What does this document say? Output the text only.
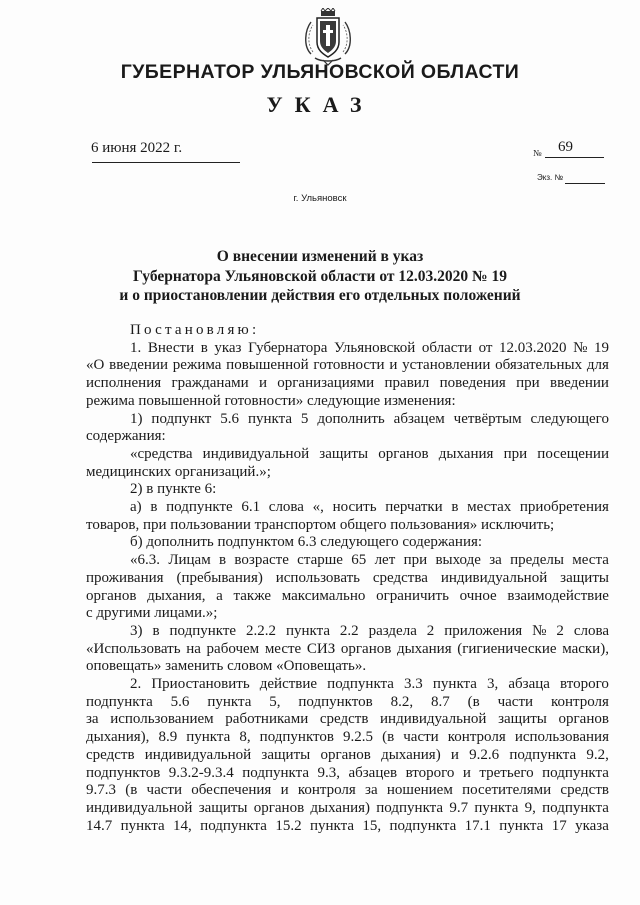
ГУБЕРНАТОР УЛЬЯНОВСКОЙ ОБЛАСТИ
УКАЗ
6 июня 2022 г.	№ 69
Экз. №
г. Ульяновск
О внесении изменений в указ
Губернатора Ульяновской области от 12.03.2020 № 19
и о приостановлении действия его отдельных положений
Постановляю:
1. Внести в указ Губернатора Ульяновской области от 12.03.2020 № 19
«О введении режима повышенной готовности и установлении обязательных для
исполнения гражданами и организациями правил поведения при введении
режима повышенной готовности» следующие изменения:
1) подпункт 5.6 пункта 5 дополнить абзацем четвёртым следующего
содержания:
«средства индивидуальной защиты органов дыхания при посещении
медицинских организаций.»;
2) в пункте 6:
а) в подпункте 6.1 слова «, носить перчатки в местах приобретения
товаров, при пользовании транспортом общего пользования» исключить;
б) дополнить подпунктом 6.3 следующего содержания:
«6.3. Лицам в возрасте старше 65 лет при выходе за пределы места
проживания (пребывания) использовать средства индивидуальной защиты
органов дыхания, а также максимально ограничить очное взаимодействие
с другими лицами.»;
3) в подпункте 2.2.2 пункта 2.2 раздела 2 приложения № 2 слова
«Использовать на рабочем месте СИЗ органов дыхания (гигиенические маски),
оповещать» заменить словом «Оповещать».
2. Приостановить действие подпункта 3.3 пункта 3, абзаца второго
подпункта 5.6 пункта 5, подпунктов 8.2, 8.7 (в части контроля
за использованием работниками средств индивидуальной защиты органов
дыхания), 8.9 пункта 8, подпунктов 9.2.5 (в части контроля использования
средств индивидуальной защиты органов дыхания) и 9.2.6 подпункта 9.2,
подпунктов 9.3.2-9.3.4 подпункта 9.3, абзацев второго и третьего подпункта
9.7.3 (в части обеспечения и контроля за ношением посетителями средств
индивидуальной защиты органов дыхания) подпункта 9.7 пункта 9, подпункта
14.7 пункта 14, подпункта 15.2 пункта 15, подпункта 17.1 пункта 17 указа
